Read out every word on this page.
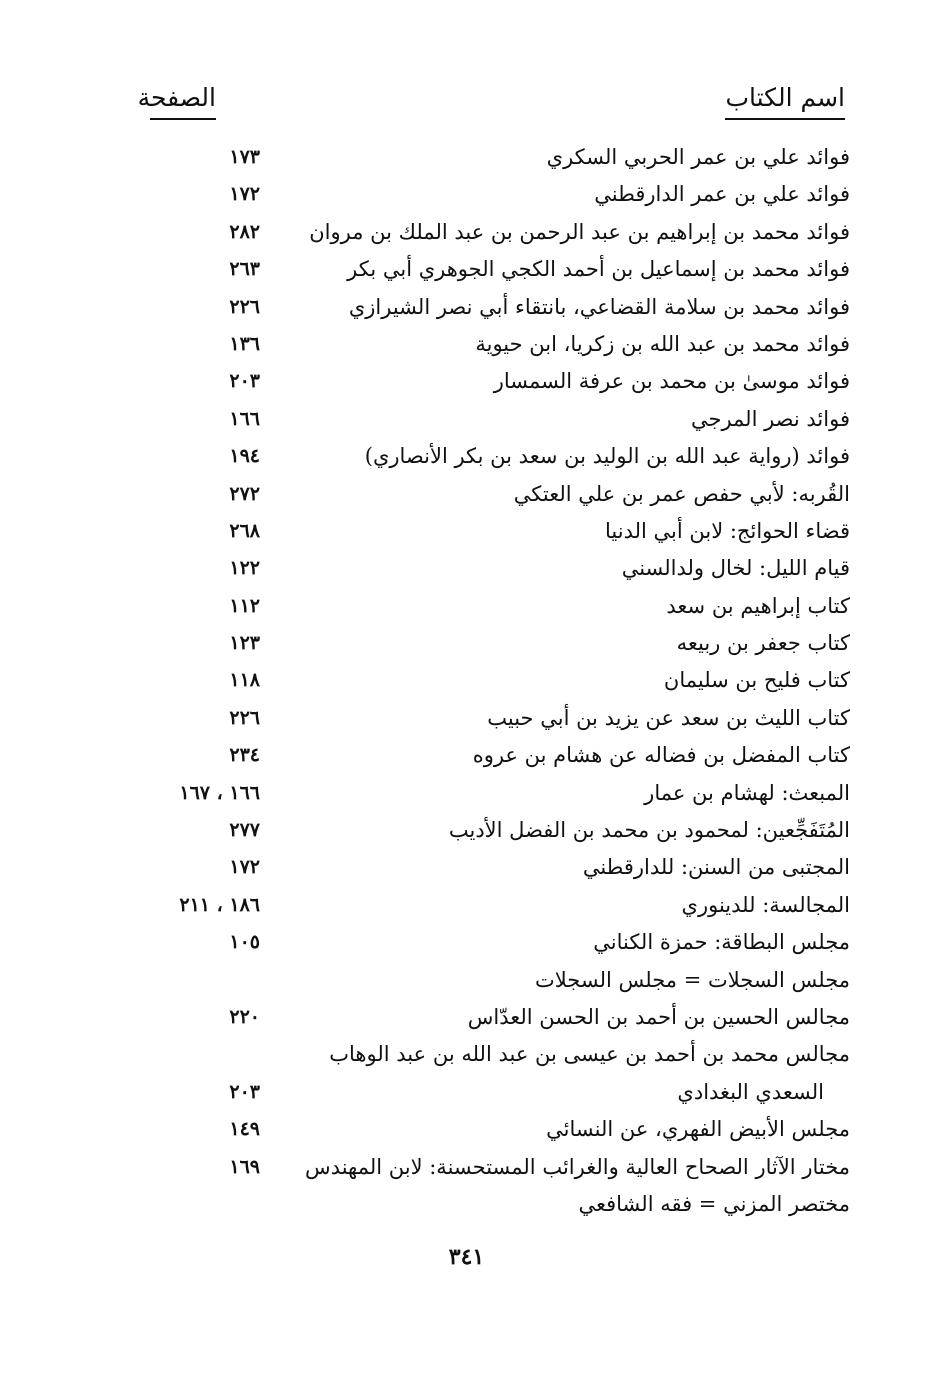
اسم الكتاب
الصفحة
فوائد علي بن عمر الحربي السكري
١٧٣
فوائد علي بن عمر الدارقطني
١٧٢
فوائد محمد بن إبراهيم بن عبد الرحمن بن عبد الملك بن مروان
٢٨٢
فوائد محمد بن إسماعيل بن أحمد الكجي الجوهري أبي بكر
٢٦٣
فوائد محمد بن سلامة القضاعي، بانتقاء أبي نصر الشيرازي
٢٢٦
فوائد محمد بن عبد الله بن زكريا، ابن حيوية
١٣٦
فوائد موسىٰ بن محمد بن عرفة السمسار
٢٠٣
فوائد نصر المرجي
١٦٦
فوائد (رواية عبد الله بن الوليد بن سعد بن بكر الأنصاري)
١٩٤
القُربه: لأبي حفص عمر بن علي العتكي
٢٧٢
قضاء الحوائج: لابن أبي الدنيا
٢٦٨
قيام الليل: لخال ولدالسني
١٢٢
كتاب إبراهيم بن سعد
١١٢
كتاب جعفر بن ربيعه
١٢٣
كتاب فليح بن سليمان
١١٨
كتاب الليث بن سعد عن يزيد بن أبي حبيب
٢٢٦
كتاب المفضل بن فضاله عن هشام بن عروه
٢٣٤
المبعث: لهشام بن عمار
١٦٦ ، ١٦٧
المُتَفَجِّعين: لمحمود بن محمد بن الفضل الأديب
٢٧٧
المجتبى من السنن: للدارقطني
١٧٢
المجالسة: للدينوري
١٨٦ ، ٢١١
مجلس البطاقة: حمزة الكناني
١٠٥
مجلس السجلات = مجلس السجلات
مجالس الحسين بن أحمد بن الحسن العدّاس
٢٢٠
مجالس محمد بن أحمد بن عيسى بن عبد الله بن عبد الوهاب
السعدي البغدادي
٢٠٣
مجلس الأبيض الفهري، عن النسائي
١٤٩
مختار الآثار الصحاح العالية والغرائب المستحسنة: لابن المهندس
١٦٩
مختصر المزني = فقه الشافعي
٣٤١
